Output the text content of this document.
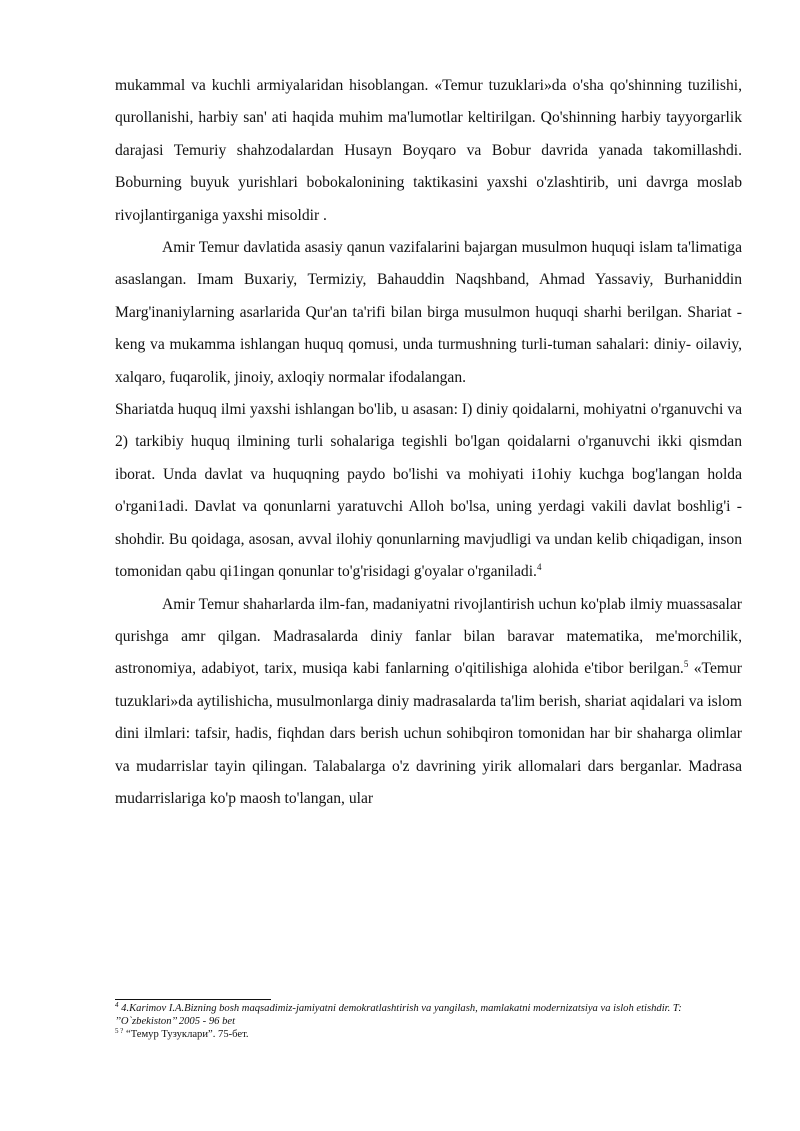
mukammal va kuchli armiyalaridan hisoblangan. «Temur tuzuklari»da o'sha qo'shinning tuzilishi, qurollanishi, harbiy san' ati haqida muhim ma'lumotlar keltirilgan. Qo'shinning harbiy tayyorgarlik darajasi Temuriy shahzodalardan Husayn Boyqaro va Bobur davrida yanada takomillashdi. Boburning buyuk yurishlari bobokalonining taktikasini yaxshi o'zlashtirib, uni davrga moslab rivojlantirganiga yaxshi misoldir .

Amir Temur davlatida asasiy qanun vazifalarini bajargan musulmon huquqi islam ta'limatiga asaslangan. Imam Buxariy, Termiziy, Bahauddin Naqshband, Ahmad Yassaviy, Burhaniddin Marg'inaniylarning asarlarida Qur'an ta'rifi bilan birga musulmon huquqi sharhi berilgan. Shariat - keng va mukamma ishlangan huquq qomusi, unda turmushning turli-tuman sahalari: diniy- oilaviy, xalqaro, fuqarolik, jinoiy, axloqiy normalar ifodalangan.

Shariatda huquq ilmi yaxshi ishlangan bo'lib, u asasan: I) diniy qoidalarni, mohiyatni o'rganuvchi va 2) tarkibiy huquq ilmining turli sohalariga tegishli bo'lgan qoidalarni o'rganuvchi ikki qismdan iborat. Unda davlat va huquqning paydo bo'lishi va mohiyati i1ohiy kuchga bog'langan holda o'rgani1adi. Davlat va qonunlarni yaratuvchi Alloh bo'lsa, uning yerdagi vakili davlat boshlig'i - shohdir. Bu qoidaga, asosan, avval ilohiy qonunlarning mavjudligi va undan kelib chiqadigan, inson tomonidan qabu qi1ingan qonunlar to'g'risidagi g'oyalar o'rganiladi.$^4$

Amir Temur shaharlarda ilm-fan, madaniyatni rivojlantirish uchun ko'plab ilmiy muassasalar qurishga amr qilgan. Madrasalarda diniy fanlar bilan baravar matematika, me'morchilik, astronomiya, adabiyot, tarix, musiqa kabi fanlarning o'qitilishiga alohida e'tibor berilgan.$^5$ «Temur tuzuklari»da aytilishicha, musulmonlarga diniy madrasalarda ta'lim berish, shariat aqidalari va islom dini ilmlari: tafsir, hadis, fiqhdan dars berish uchun sohibqiron tomonidan har bir shaharga olimlar va mudarrislar tayin qilingan. Talabalarga o'z davrining yirik allomalari dars berganlar. Madrasa mudarrislariga ko'p maosh to'langan, ular

$^4$ 4.Karimov I.A.Bizning bosh maqsadimiz-jamiyatni demokratlashtirish va yangilash, mamlakatni modernizatsiya va isloh etishdir. T: ’’O`zbekiston’’ 2005 - 96 bet

$^{5 ?}$ “Темур Тузуклари”. 75-бет.
